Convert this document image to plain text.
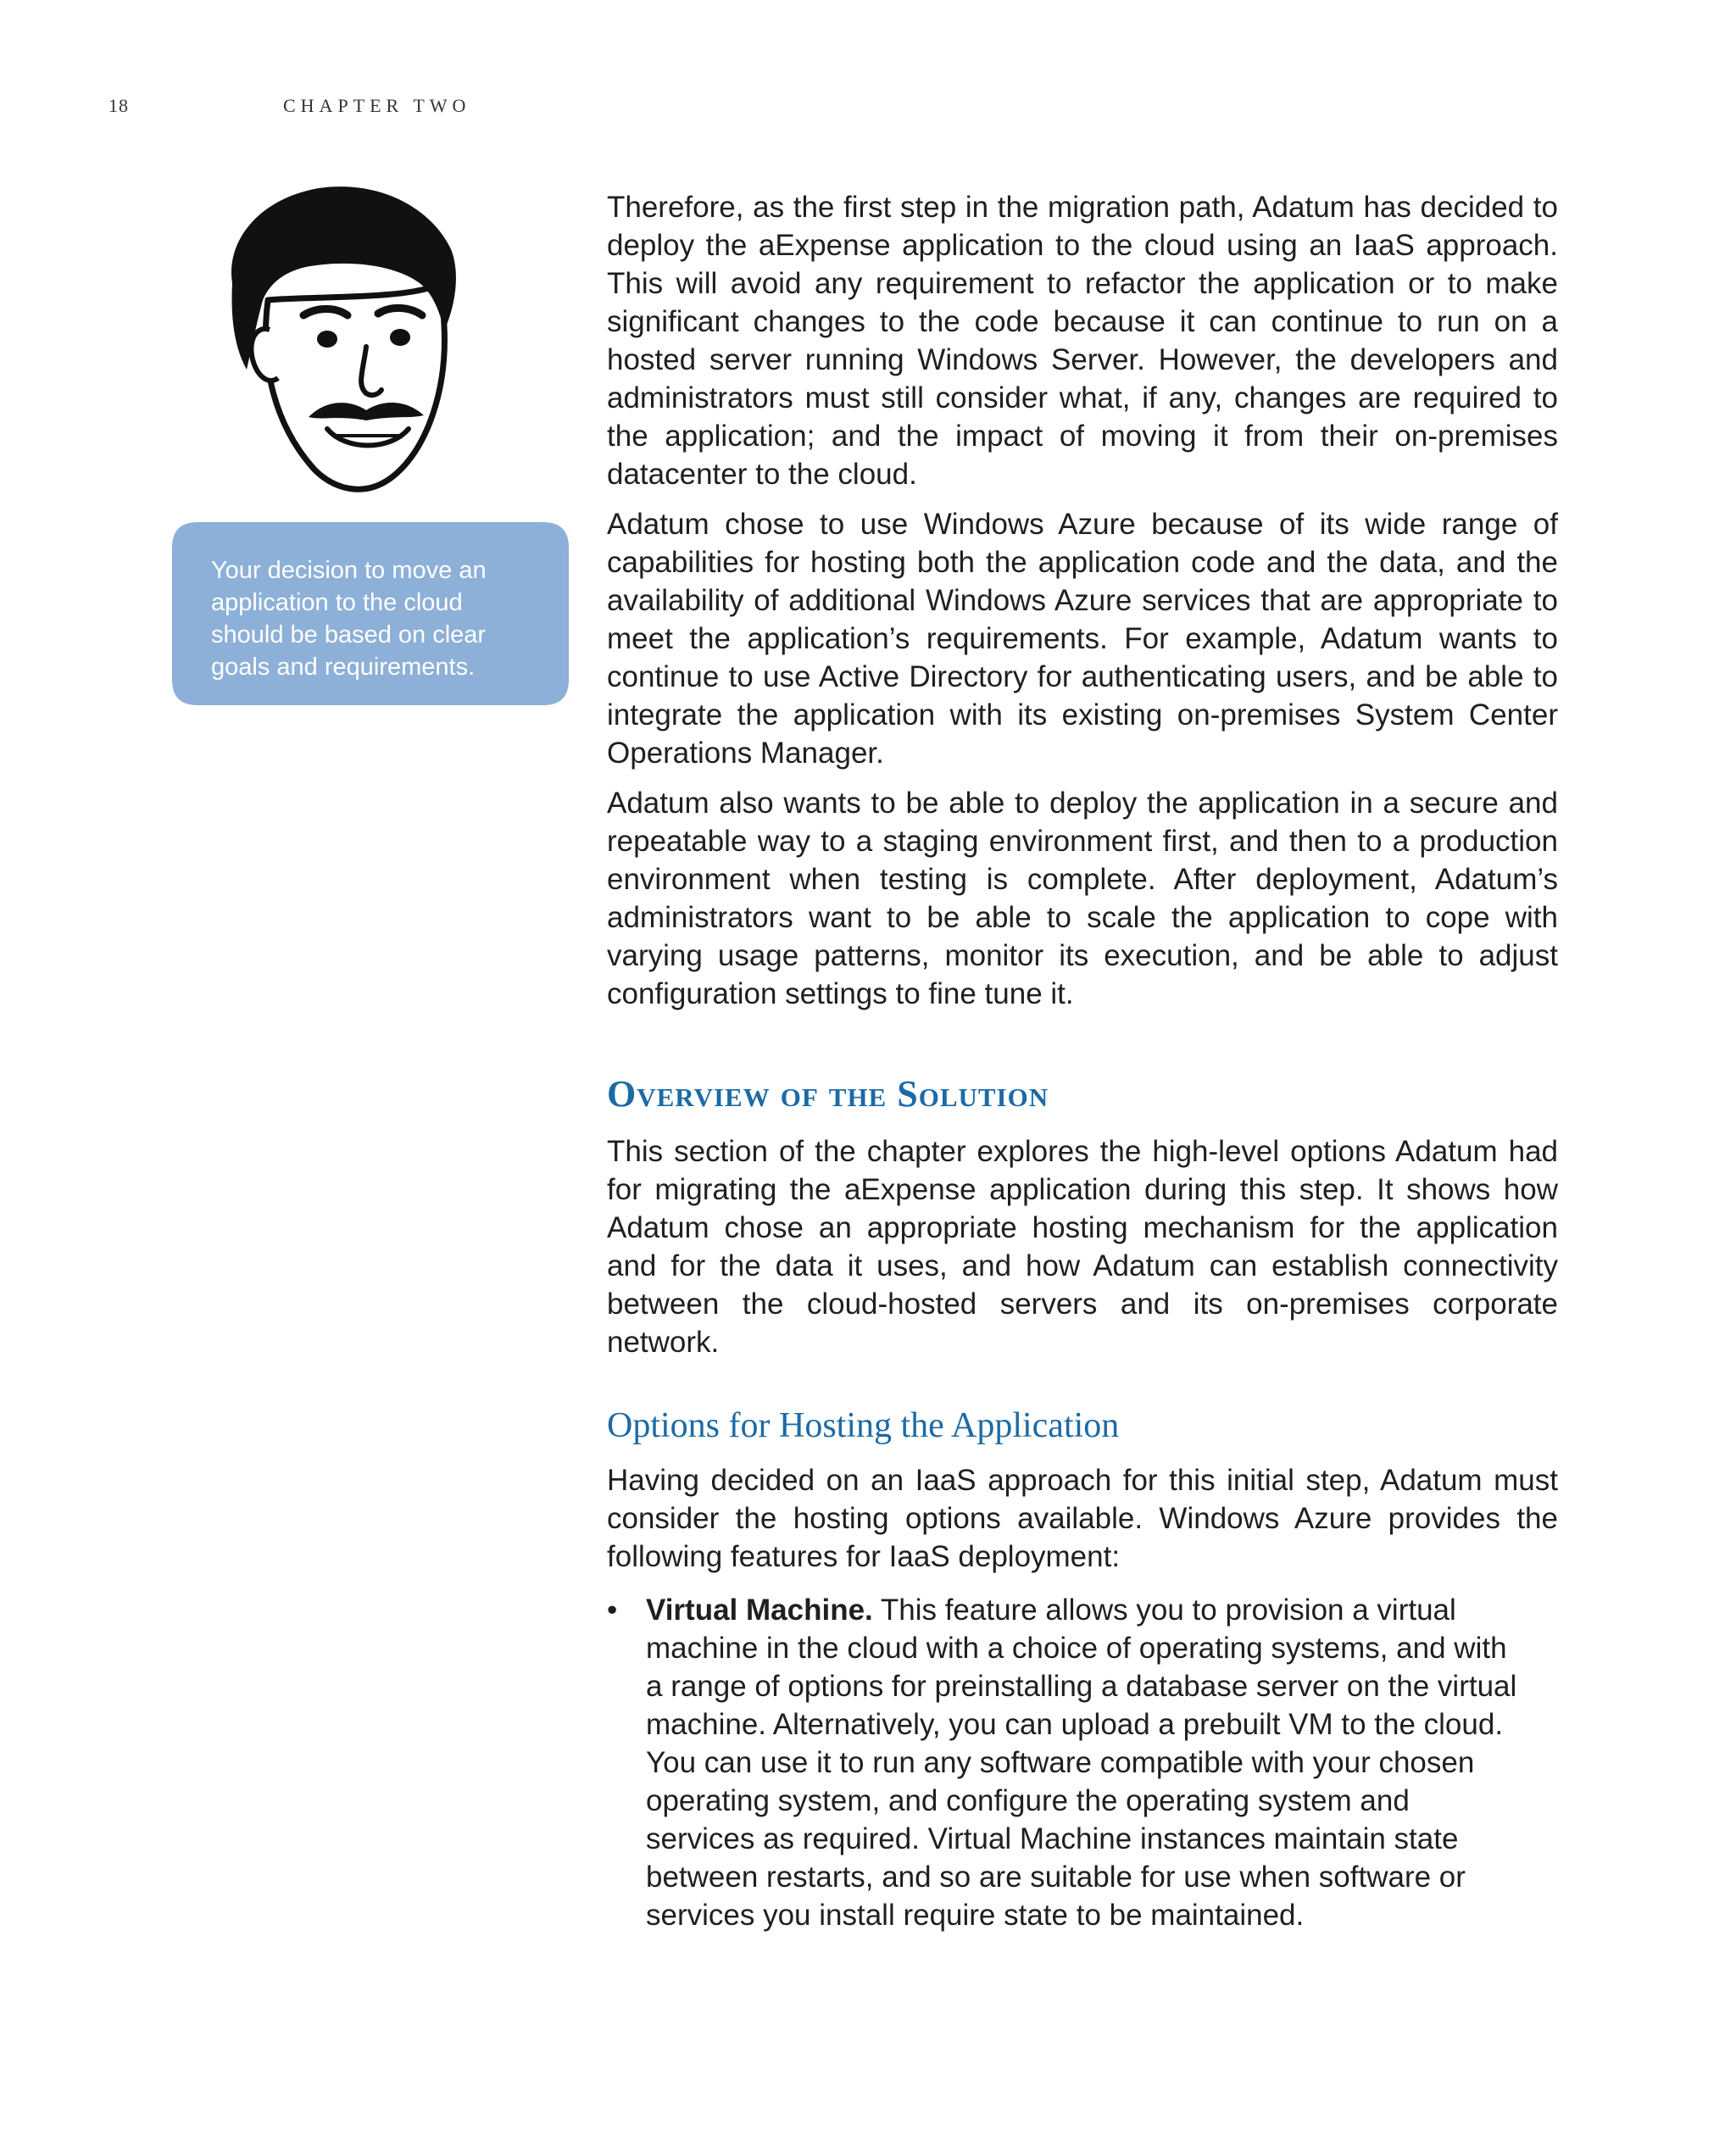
18	CHAPTER TWO
Your decision to move an application to the cloud should be based on clear goals and requirements.

Therefore, as the first step in the migration path, Adatum has decided to deploy the aExpense application to the cloud using an IaaS approach. This will avoid any requirement to refactor the application or to make significant changes to the code because it can continue to run on a hosted server running Windows Server. However, the developers and administrators must still consider what, if any, changes are required to the application; and the impact of moving it from their on-premises datacenter to the cloud.

Adatum chose to use Windows Azure because of its wide range of capabilities for hosting both the application code and the data, and the availability of additional Windows Azure services that are appropriate to meet the application’s requirements. For example, Adatum wants to continue to use Active Directory for authenticating users, and be able to integrate the application with its existing on-premises System Center Operations Manager.

Adatum also wants to be able to deploy the application in a secure and repeatable way to a staging environment first, and then to a production environment when testing is complete. After deployment, Adatum’s administrators want to be able to scale the application to cope with varying usage patterns, monitor its execution, and be able to adjust configuration settings to fine tune it.

Overview of the Solution

This section of the chapter explores the high-level options Adatum had for migrating the aExpense application during this step. It shows how Adatum chose an appropriate hosting mechanism for the application and for the data it uses, and how Adatum can establish connectivity between the cloud-hosted servers and its on-premises corporate network.

Options for Hosting the Application

Having decided on an IaaS approach for this initial step, Adatum must consider the hosting options available. Windows Azure provides the following features for IaaS deployment:

• Virtual Machine. This feature allows you to provision a virtual machine in the cloud with a choice of operating systems, and with a range of options for preinstalling a database server on the virtual machine. Alternatively, you can upload a prebuilt VM to the cloud. You can use it to run any software compatible with your chosen operating system, and configure the operating system and services as required. Virtual Machine instances maintain state between restarts, and so are suitable for use when software or services you install require state to be maintained.
